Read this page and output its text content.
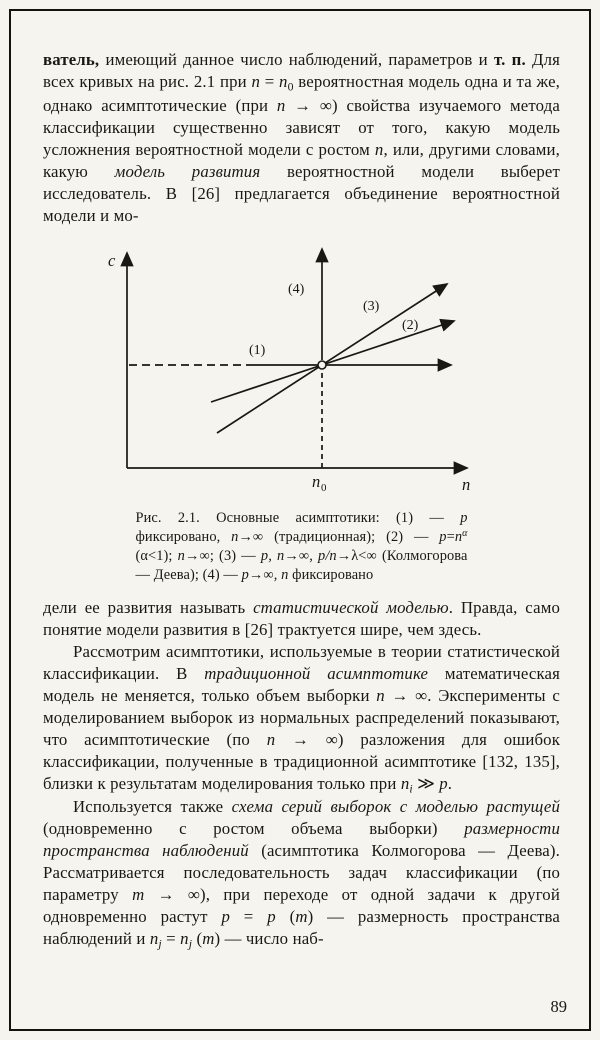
ватель, имеющий данное число наблюдений, параметров и т. п. Для всех кривых на рис. 2.1 при n = n0 вероятностная модель одна и та же, однако асимптотические (при n → ∞) свойства изучаемого метода классификации существенно зависят от того, какую модель усложнения вероятностной модели с ростом n, или, другими словами, какую модель развития вероятностной модели выберет исследователь. В [26] предлагается объединение вероятностной модели и мо-

c
n
n 0
(1)
(2)
(3)
(4)
Рис. 2.1. Основные асимптотики: (1) — p фиксировано, n→∞ (традиционная); (2) — $p=n^\alpha$ (α<1); n→∞; (3) — p, n→∞, p/n→λ<∞ (Колмогорова — Деева); (4) — p→∞, n фиксировано

дели ее развития называть статистической моделью. Правда, само понятие модели развития в [26] трактуется шире, чем здесь.

Рассмотрим асимптотики, используемые в теории статистической классификации. В традиционной асимптотике математическая модель не меняется, только объем выборки n → ∞. Эксперименты с моделированием выборок из нормальных распределений показывают, что асимптотические (по n → ∞) разложения для ошибок классификации, полученные в традиционной асимптотике [132, 135], близки к результатам моделирования только при ni ≫ p.

Используется также схема серий выборок с моделью растущей (одновременно с ростом объема выборки) размерности пространства наблюдений (асимптотика Колмогорова — Деева). Рассматривается последовательность задач классификации (по параметру m → ∞), при переходе от одной задачи к другой одновременно растут p = p (m) — размерность пространства наблюдений и nj = nj (m) — число наб-

89
